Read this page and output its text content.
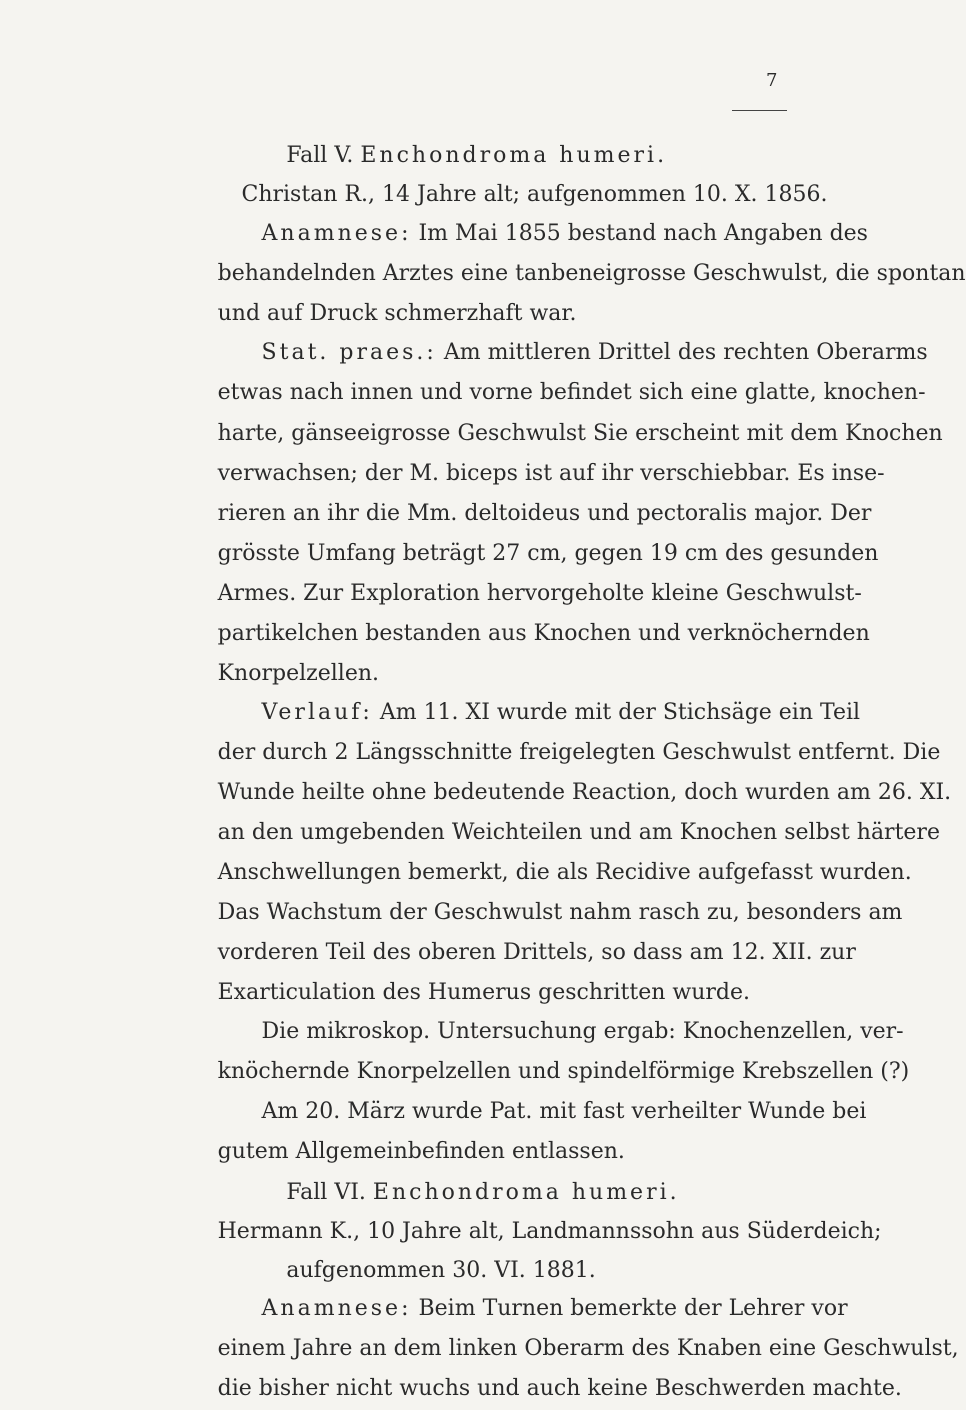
7
Fall V. Enchondroma humeri.
Christan R., 14 Jahre alt; aufgenommen 10. X. 1856.
Anamnese: Im Mai 1855 bestand nach Angaben des
behandelnden Arztes eine tanbeneigrosse Geschwulst, die spontan
und auf Druck schmerzhaft war.
Stat. praes.: Am mittleren Drittel des rechten Oberarms
etwas nach innen und vorne befindet sich eine glatte, knochen-
harte, gänseeigrosse Geschwulst Sie erscheint mit dem Knochen
verwachsen; der M. biceps ist auf ihr verschiebbar. Es inse-
rieren an ihr die Mm. deltoideus und pectoralis major. Der
grösste Umfang beträgt 27 cm, gegen 19 cm des gesunden
Armes. Zur Exploration hervorgeholte kleine Geschwulst-
partikelchen bestanden aus Knochen und verknöchernden
Knorpelzellen.
Verlauf: Am 11. XI wurde mit der Stichsäge ein Teil
der durch 2 Längsschnitte freigelegten Geschwulst entfernt. Die
Wunde heilte ohne bedeutende Reaction, doch wurden am 26. XI.
an den umgebenden Weichteilen und am Knochen selbst härtere
Anschwellungen bemerkt, die als Recidive aufgefasst wurden.
Das Wachstum der Geschwulst nahm rasch zu, besonders am
vorderen Teil des oberen Drittels, so dass am 12. XII. zur
Exarticulation des Humerus geschritten wurde.
Die mikroskop. Untersuchung ergab: Knochenzellen, ver-
knöchernde Knorpelzellen und spindelförmige Krebszellen (?)
Am 20. März wurde Pat. mit fast verheilter Wunde bei
gutem Allgemeinbefinden entlassen.
Fall VI. Enchondroma humeri.
Hermann K., 10 Jahre alt, Landmannssohn aus Süderdeich;
aufgenommen 30. VI. 1881.
Anamnese: Beim Turnen bemerkte der Lehrer vor
einem Jahre an dem linken Oberarm des Knaben eine Geschwulst,
die bisher nicht wuchs und auch keine Beschwerden machte.
